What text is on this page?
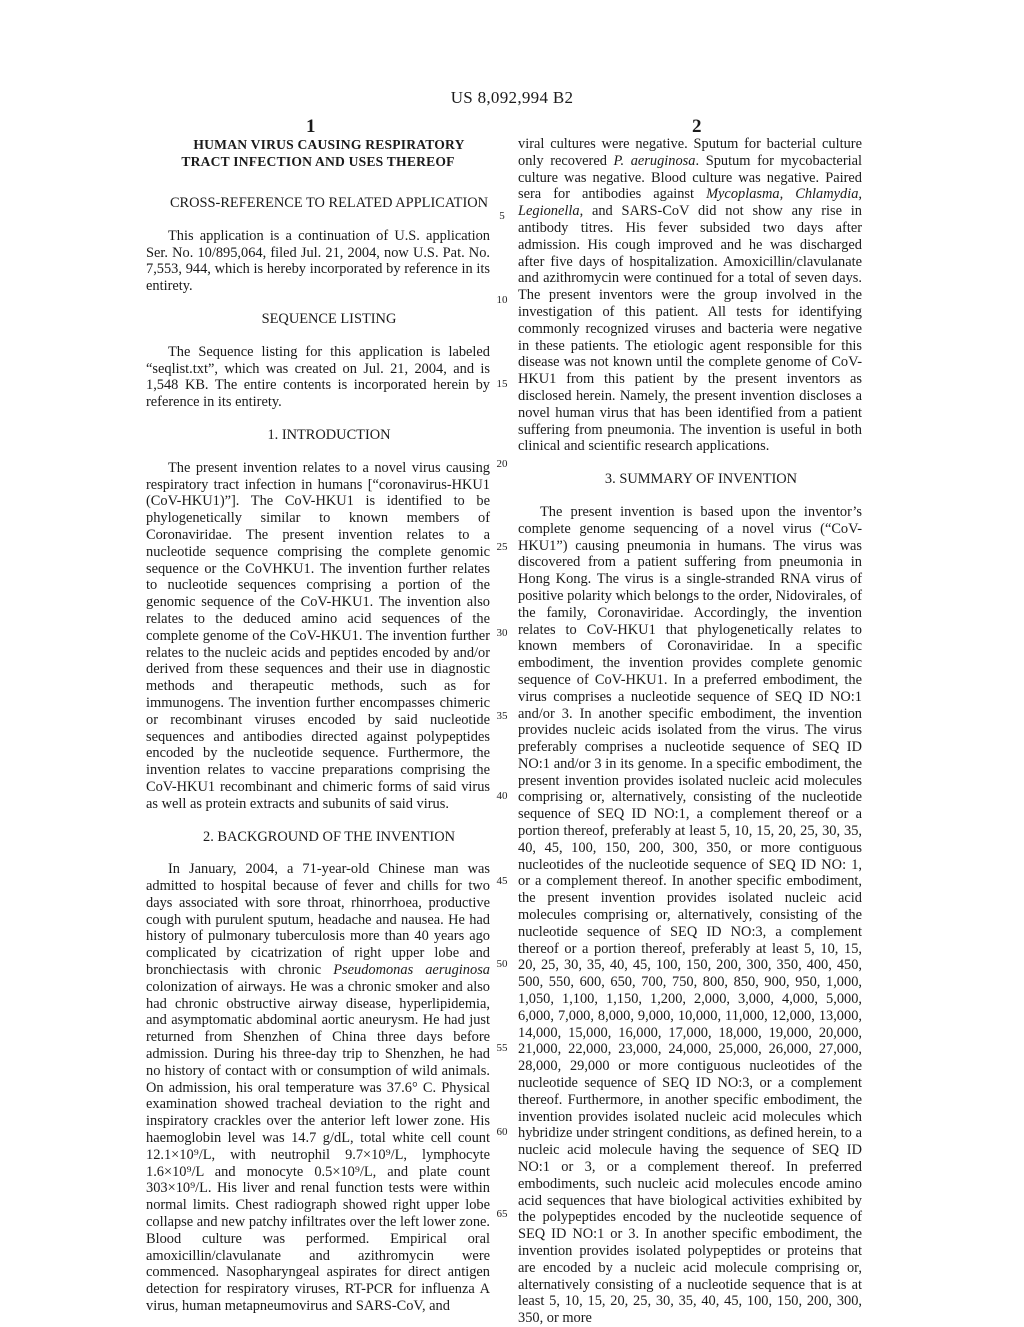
US 8,092,994 B2
1	2

HUMAN VIRUS CAUSING RESPIRATORY TRACT INFECTION AND USES THEREOF

CROSS-REFERENCE TO RELATED APPLICATION

This application is a continuation of U.S. application Ser. No. 10/895,064, filed Jul. 21, 2004, now U.S. Pat. No. 7,553, 944, which is hereby incorporated by reference in its entirety.

SEQUENCE LISTING

The Sequence listing for this application is labeled “seqlist.txt”, which was created on Jul. 21, 2004, and is 1,548 KB. The entire contents is incorporated herein by reference in its entirety.

1. INTRODUCTION

The present invention relates to a novel virus causing respiratory tract infection in humans [“coronavirus-HKU1 (CoV-HKU1)”]. The CoV-HKU1 is identified to be phylogenetically similar to known members of Coronaviridae. The present invention relates to a nucleotide sequence comprising the complete genomic sequence or the CoVHKU1. The invention further relates to nucleotide sequences comprising a portion of the genomic sequence of the CoV-HKU1. The invention also relates to the deduced amino acid sequences of the complete genome of the CoV-HKU1. The invention further relates to the nucleic acids and peptides encoded by and/or derived from these sequences and their use in diagnostic methods and therapeutic methods, such as for immunogens. The invention further encompasses chimeric or recombinant viruses encoded by said nucleotide sequences and antibodies directed against polypeptides encoded by the nucleotide sequence. Furthermore, the invention relates to vaccine preparations comprising the CoV-HKU1 recombinant and chimeric forms of said virus as well as protein extracts and subunits of said virus.

2. BACKGROUND OF THE INVENTION

In January, 2004, a 71-year-old Chinese man was admitted to hospital because of fever and chills for two days associated with sore throat, rhinorrhoea, productive cough with purulent sputum, headache and nausea. He had history of pulmonary tuberculosis more than 40 years ago complicated by cicatrization of right upper lobe and bronchiectasis with chronic Pseudomonas aeruginosa colonization of airways. He was a chronic smoker and also had chronic obstructive airway disease, hyperlipidemia, and asymptomatic abdominal aortic aneurysm. He had just returned from Shenzhen of China three days before admission. During his three-day trip to Shenzhen, he had no history of contact with or consumption of wild animals. On admission, his oral temperature was 37.6° C. Physical examination showed tracheal deviation to the right and inspiratory crackles over the anterior left lower zone. His haemoglobin level was 14.7 g/dL, total white cell count 12.1×10⁹/L, with neutrophil 9.7×10⁹/L, lymphocyte 1.6×10⁹/L and monocyte 0.5×10⁹/L, and plate count 303×10⁹/L. His liver and renal function tests were within normal limits. Chest radiograph showed right upper lobe collapse and new patchy infiltrates over the left lower zone. Blood culture was performed. Empirical oral amoxicillin/clavulanate and azithromycin were commenced. Nasopharyngeal aspirates for direct antigen detection for respiratory viruses, RT-PCR for influenza A virus, human metapneumovirus and SARS-CoV, and

viral cultures were negative. Sputum for bacterial culture only recovered P. aeruginosa. Sputum for mycobacterial culture was negative. Blood culture was negative. Paired sera for antibodies against Mycoplasma, Chlamydia, Legionella, and SARS-CoV did not show any rise in antibody titres. His fever subsided two days after admission. His cough improved and he was discharged after five days of hospitalization. Amoxicillin/clavulanate and azithromycin were continued for a total of seven days. The present inventors were the group involved in the investigation of this patient. All tests for identifying commonly recognized viruses and bacteria were negative in these patients. The etiologic agent responsible for this disease was not known until the complete genome of CoV-HKU1 from this patient by the present inventors as disclosed herein. Namely, the present invention discloses a novel human virus that has been identified from a patient suffering from pneumonia. The invention is useful in both clinical and scientific research applications.

3. SUMMARY OF INVENTION

The present invention is based upon the inventor’s complete genome sequencing of a novel virus (“CoV-HKU1”) causing pneumonia in humans. The virus was discovered from a patient suffering from pneumonia in Hong Kong. The virus is a single-stranded RNA virus of positive polarity which belongs to the order, Nidovirales, of the family, Coronaviridae. Accordingly, the invention relates to CoV-HKU1 that phylogenetically relates to known members of Coronaviridae. In a specific embodiment, the invention provides complete genomic sequence of CoV-HKU1. In a preferred embodiment, the virus comprises a nucleotide sequence of SEQ ID NO:1 and/or 3. In another specific embodiment, the invention provides nucleic acids isolated from the virus. The virus preferably comprises a nucleotide sequence of SEQ ID NO:1 and/or 3 in its genome. In a specific embodiment, the present invention provides isolated nucleic acid molecules comprising or, alternatively, consisting of the nucleotide sequence of SEQ ID NO:1, a complement thereof or a portion thereof, preferably at least 5, 10, 15, 20, 25, 30, 35, 40, 45, 100, 150, 200, 300, 350, or more contiguous nucleotides of the nucleotide sequence of SEQ ID NO: 1, or a complement thereof. In another specific embodiment, the present invention provides isolated nucleic acid molecules comprising or, alternatively, consisting of the nucleotide sequence of SEQ ID NO:3, a complement thereof or a portion thereof, preferably at least 5, 10, 15, 20, 25, 30, 35, 40, 45, 100, 150, 200, 300, 350, 400, 450, 500, 550, 600, 650, 700, 750, 800, 850, 900, 950, 1,000, 1,050, 1,100, 1,150, 1,200, 2,000, 3,000, 4,000, 5,000, 6,000, 7,000, 8,000, 9,000, 10,000, 11,000, 12,000, 13,000, 14,000, 15,000, 16,000, 17,000, 18,000, 19,000, 20,000, 21,000, 22,000, 23,000, 24,000, 25,000, 26,000, 27,000, 28,000, 29,000 or more contiguous nucleotides of the nucleotide sequence of SEQ ID NO:3, or a complement thereof. Furthermore, in another specific embodiment, the invention provides isolated nucleic acid molecules which hybridize under stringent conditions, as defined herein, to a nucleic acid molecule having the sequence of SEQ ID NO:1 or 3, or a complement thereof. In preferred embodiments, such nucleic acid molecules encode amino acid sequences that have biological activities exhibited by the polypeptides encoded by the nucleotide sequence of SEQ ID NO:1 or 3. In another specific embodiment, the invention provides isolated polypeptides or proteins that are encoded by a nucleic acid molecule comprising or, alternatively consisting of a nucleotide sequence that is at least 5, 10, 15, 20, 25, 30, 35, 40, 45, 100, 150, 200, 300, 350, or more

5
10
15
20
25
30
35
40
45
50
55
60
65
